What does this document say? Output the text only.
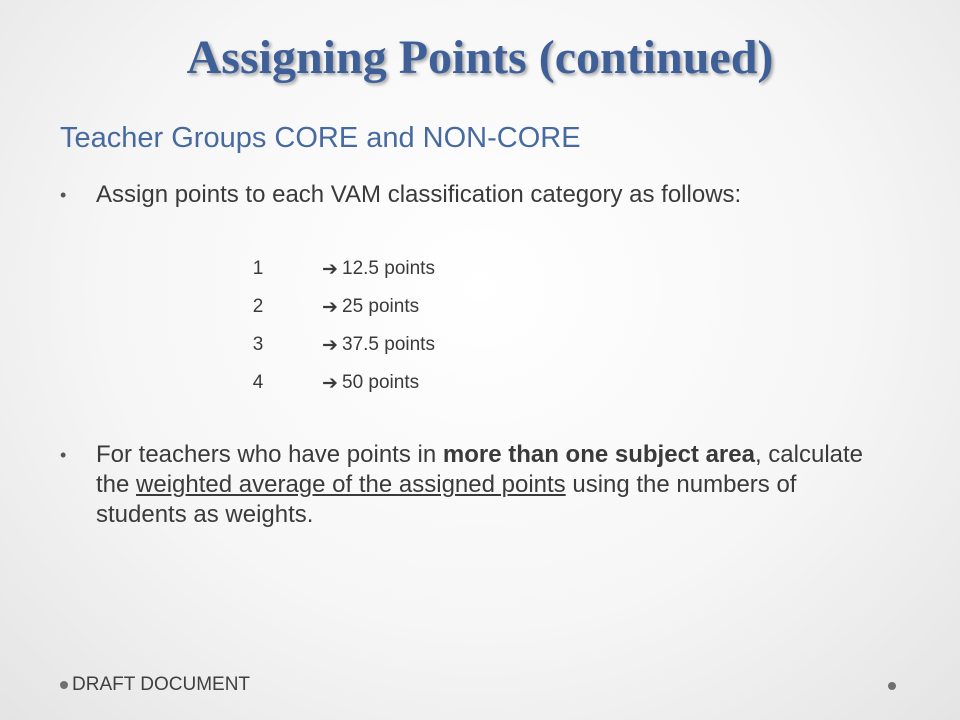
Assigning Points (continued)
Teacher Groups CORE and NON-CORE
• Assign points to each VAM classification category as follows:
1	➔ 12.5 points
2	➔ 25 points
3	➔ 37.5 points
4	➔ 50 points
• For teachers who have points in more than one subject area, calculate the weighted average of the assigned points using the numbers of students as weights.
DRAFT DOCUMENT
